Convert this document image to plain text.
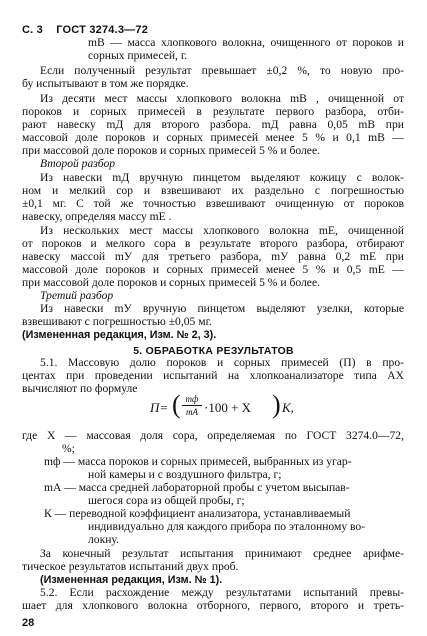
С. 3 ГОСТ 3274.3—72
mВ — масса хлопкового волокна, очищенного от пороков и
сорных примесей, г.
Если полученный результат превышает ±0,2 %, то новую про-
бу испытывают в том же порядке.
Из десяти мест массы хлопкового волокна mВ , очищенной от
пороков и сорных примесей в результате первого разбора, отби-
рают навеску mД для второго разбора. mД равна 0,05 mВ при
массовой доле пороков и сорных примесей менее 5 % и 0,1 mВ —
при массовой доле пороков и сорных примесей 5 % и более.
Второй разбор
Из навески mД вручную пинцетом выделяют кожицу с волок-
ном и мелкий сор и взвешивают их раздельно с погрешностью
±0,1 мг. С той же точностью взвешивают очищенную от пороков
навеску, определяя массу mЕ .
Из нескольких мест массы хлопкового волокна mЕ, очищенной
от пороков и мелкого сора в результате второго разбора, отбирают
навеску массой mУ для третьего разбора, mУ равна 0,2 mЕ при
массовой доле пороков и сорных примесей менее 5 % и 0,5 mЕ —
при массовой доле пороков и сорных примесей 5 % и более.
Третий разбор
Из навески mУ вручную пинцетом выделяют узелки, которые
взвешивают с погрешностью ±0,05 мг.
(Измененная редакция, Изм. № 2, 3).
5. ОБРАБОТКА РЕЗУЛЬТАТОВ
5.1. Массовую долю пороков и сорных примесей (П) в про-
П= ( mф
mА ·100 + X ) К,
центах при проведении испытаний на хлопкоанализаторе типа АХ
вычисляют по формуле
где X — массовая доля сора, определяемая по ГОСТ 3274.0—72,
%;
mф — масса пороков и сорных примесей, выбранных из угар-
ной камеры и с воздушного фильтра, г;
mА — масса средней лабораторной пробы с учетом высыпав-
шегося сора из общей пробы, г;
К — переводной коэффициент анализатора, устанавливаемый
индивидуально для каждого прибора по эталонному во-
локну.
За конечный результат испытания принимают среднее арифме-
тическое результатов испытаний двух проб.
(Измененная редакция, Изм. № 1).
5.2. Если расхождение между результатами испытаний превы-
шает для хлопкового волокна отборного, первого, второго и треть-
28
